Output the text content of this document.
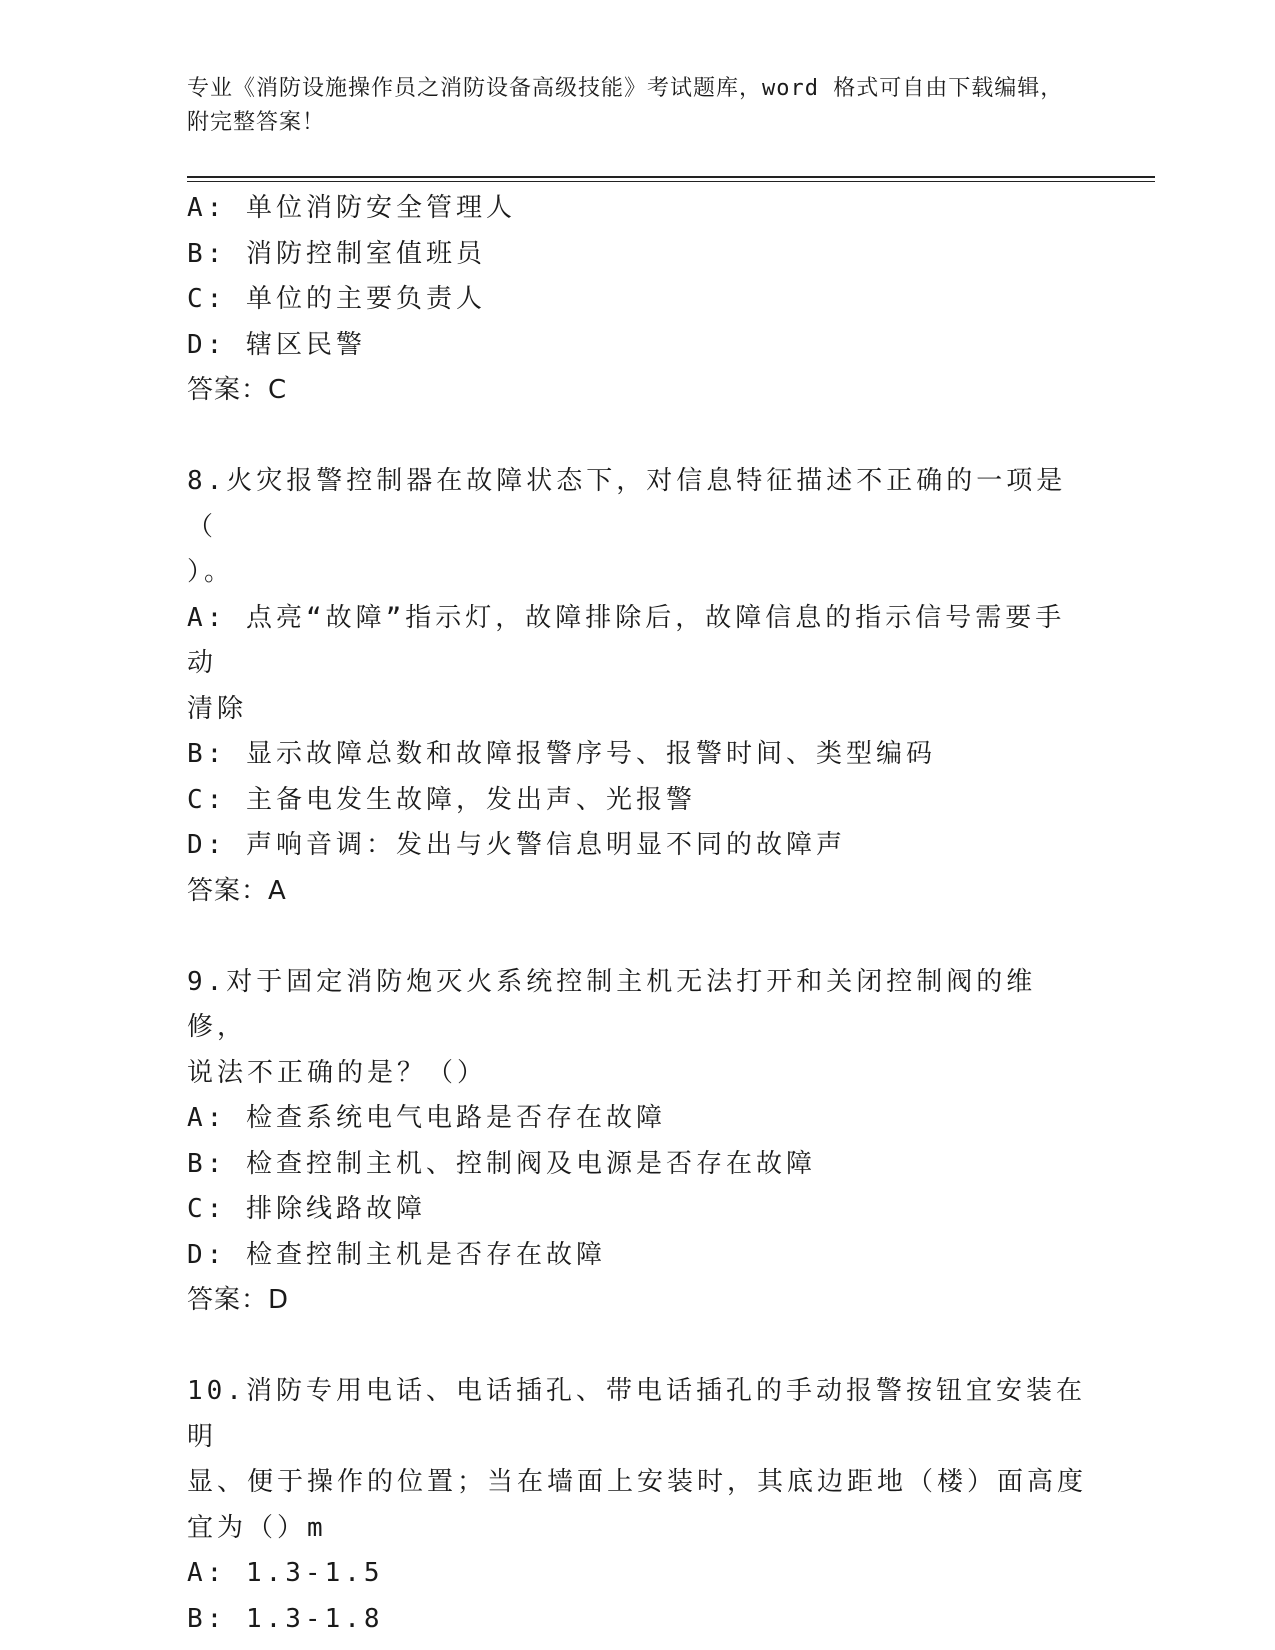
专业《消防设施操作员之消防设备高级技能》考试题库，word 格式可自由下载编辑，附完整答案！
A: 单位消防安全管理人
B: 消防控制室值班员
C: 单位的主要负责人
D: 辖区民警
答案：C
8.火灾报警控制器在故障状态下，对信息特征描述不正确的一项是（
）。
A: 点亮“故障”指示灯，故障排除后，故障信息的指示信号需要手动
清除
B: 显示故障总数和故障报警序号、报警时间、类型编码
C: 主备电发生故障，发出声、光报警
D: 声响音调：发出与火警信息明显不同的故障声
答案：A
9.对于固定消防炮灭火系统控制主机无法打开和关闭控制阀的维修，
说法不正确的是？（）
A: 检查系统电气电路是否存在故障
B: 检查控制主机、控制阀及电源是否存在故障
C: 排除线路故障
D: 检查控制主机是否存在故障
答案：D
10.消防专用电话、电话插孔、带电话插孔的手动报警按钮宜安装在明
显、便于操作的位置；当在墙面上安装时，其底边距地（楼）面高度
宜为（）m
A: 1.3-1.5
B: 1.3-1.8
